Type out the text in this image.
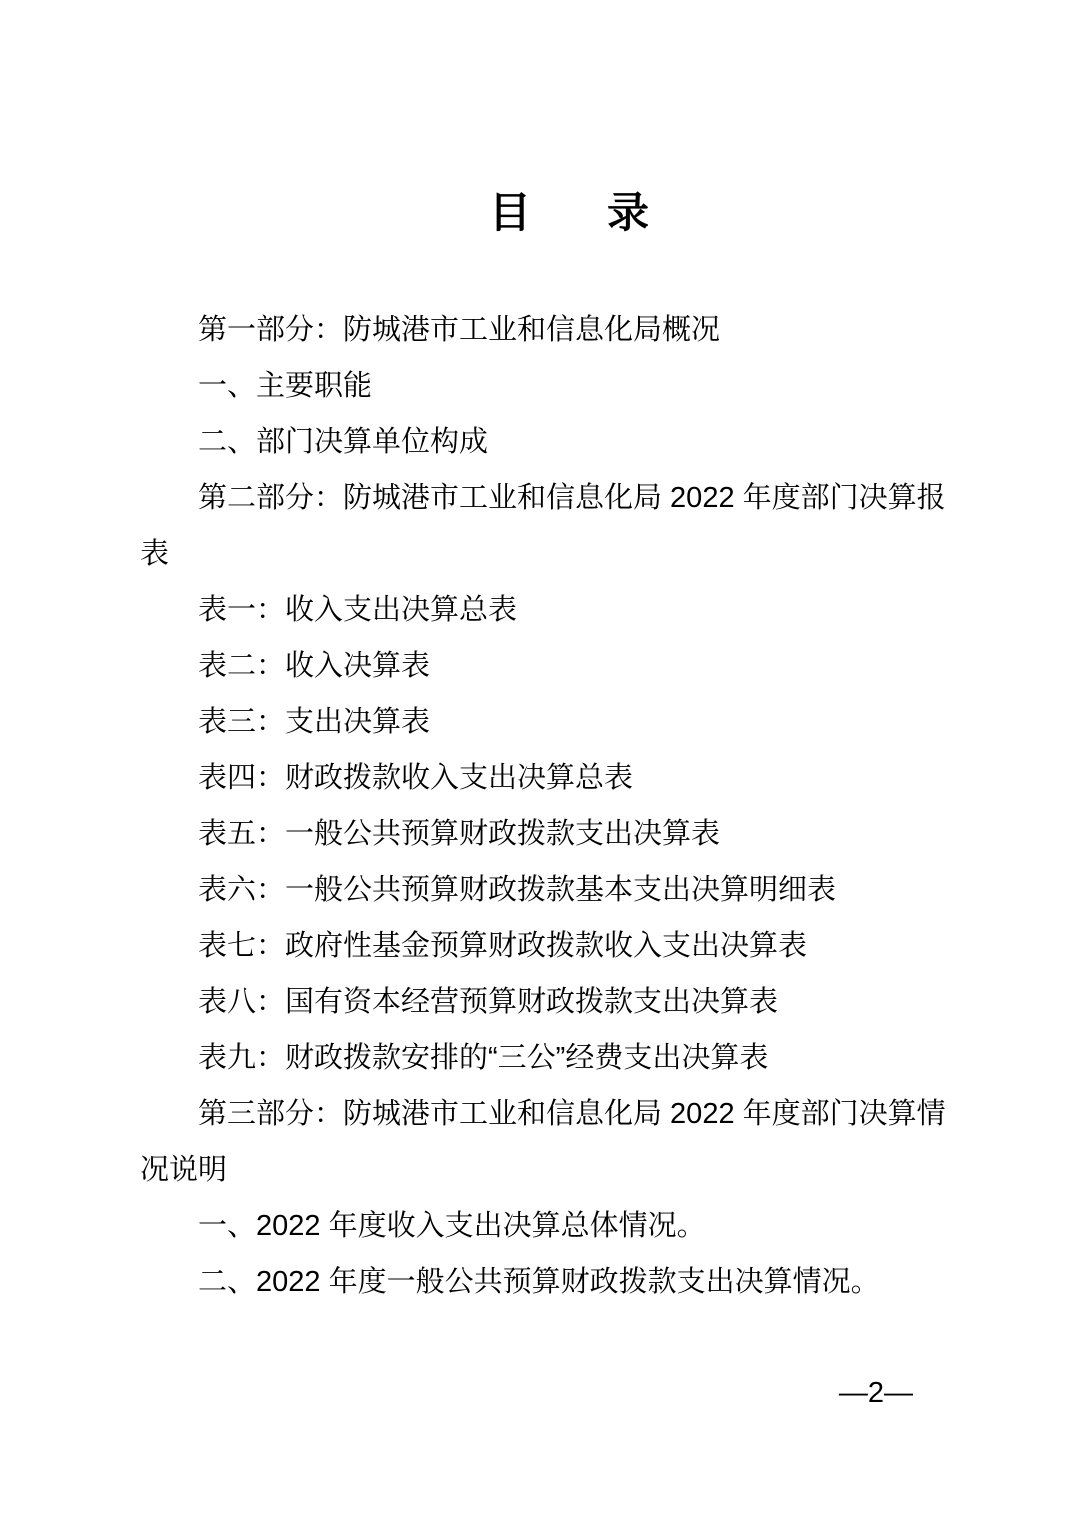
目录

第一部分：防城港市工业和信息化局概况

一、主要职能

二、部门决算单位构成

第二部分：防城港市工业和信息化局 2022 年度部门决算报

表

表一：收入支出决算总表

表二：收入决算表

表三：支出决算表

表四：财政拨款收入支出决算总表

表五：一般公共预算财政拨款支出决算表

表六：一般公共预算财政拨款基本支出决算明细表

表七：政府性基金预算财政拨款收入支出决算表

表八：国有资本经营预算财政拨款支出决算表

表九：财政拨款安排的“三公”经费支出决算表

第三部分：防城港市工业和信息化局 2022 年度部门决算情

况说明

一、2022 年度收入支出决算总体情况。

二、2022 年度一般公共预算财政拨款支出决算情况。

—2—
